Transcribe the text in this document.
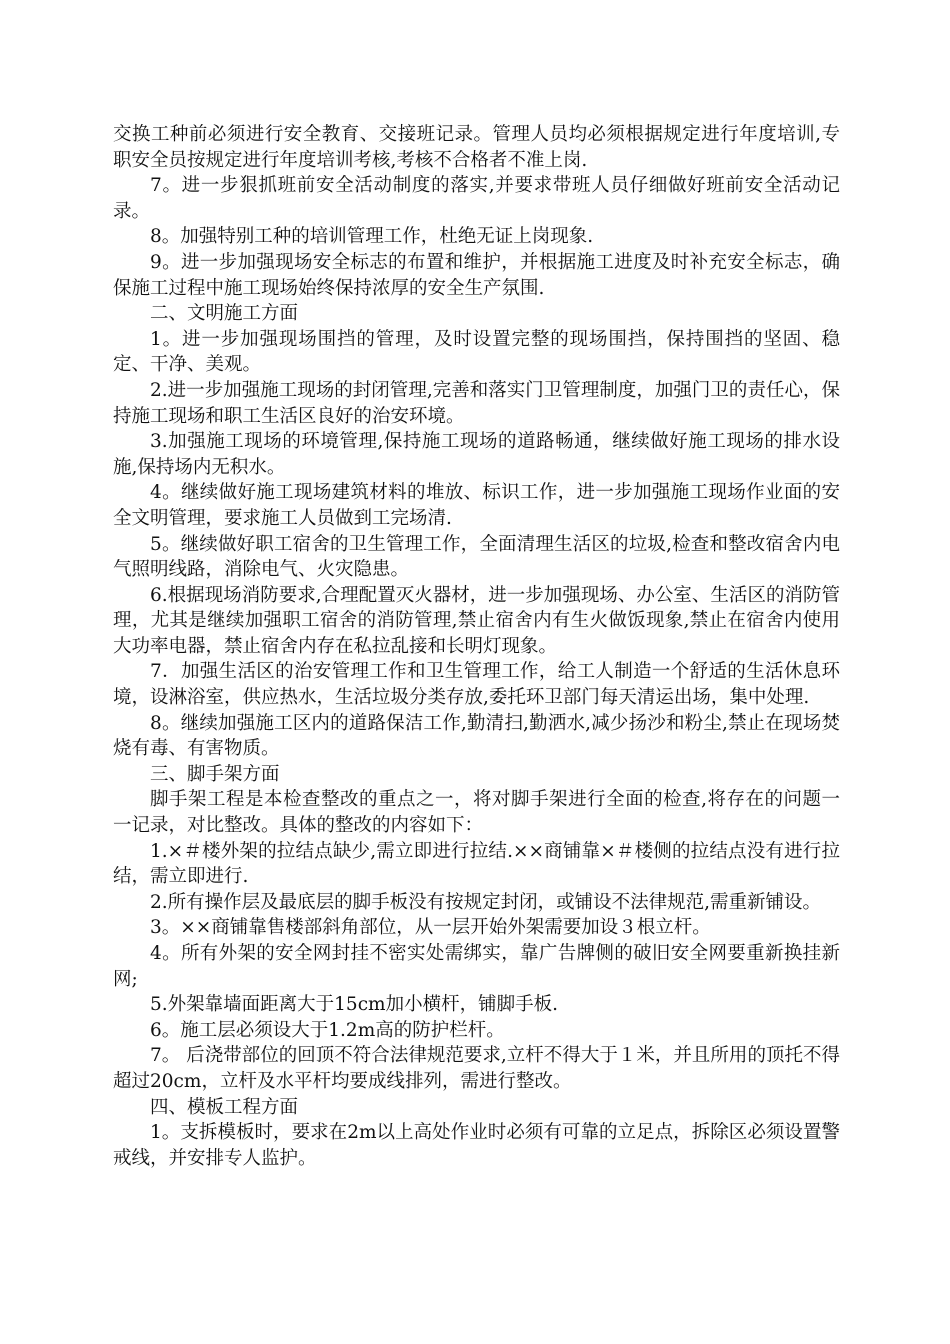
交换工种前必须进行安全教育、交接班记录。管理人员均必须根据规定进行年度培训,专职安全员按规定进行年度培训考核,考核不合格者不准上岗.

7。进一步狠抓班前安全活动制度的落实,并要求带班人员仔细做好班前安全活动记录。

8。加强特别工种的培训管理工作，杜绝无证上岗现象.

9。进一步加强现场安全标志的布置和维护，并根据施工进度及时补充安全标志，确保施工过程中施工现场始终保持浓厚的安全生产氛围.

二、文明施工方面

1。进一步加强现场围挡的管理，及时设置完整的现场围挡，保持围挡的坚固、稳定、干净、美观。

2.进一步加强施工现场的封闭管理,完善和落实门卫管理制度，加强门卫的责任心，保持施工现场和职工生活区良好的治安环境。

3.加强施工现场的环境管理,保持施工现场的道路畅通，继续做好施工现场的排水设施,保持场内无积水。

4。继续做好施工现场建筑材料的堆放、标识工作，进一步加强施工现场作业面的安全文明管理，要求施工人员做到工完场清.

5。继续做好职工宿舍的卫生管理工作，全面清理生活区的垃圾,检查和整改宿舍内电气照明线路，消除电气、火灾隐患。

6.根据现场消防要求,合理配置灭火器材，进一步加强现场、办公室、生活区的消防管理，尤其是继续加强职工宿舍的消防管理,禁止宿舍内有生火做饭现象,禁止在宿舍内使用大功率电器，禁止宿舍内存在私拉乱接和长明灯现象。

7．加强生活区的治安管理工作和卫生管理工作，给工人制造一个舒适的生活休息环境，设淋浴室，供应热水，生活垃圾分类存放,委托环卫部门每天清运出场，集中处理.

8。继续加强施工区内的道路保洁工作,勤清扫,勤洒水,减少扬沙和粉尘,禁止在现场焚烧有毒、有害物质。

三、脚手架方面

脚手架工程是本检查整改的重点之一，将对脚手架进行全面的检查,将存在的问题一一记录，对比整改。具体的整改的内容如下：

1.×＃楼外架的拉结点缺少,需立即进行拉结.××商铺靠×＃楼侧的拉结点没有进行拉结，需立即进行.

2.所有操作层及最底层的脚手板没有按规定封闭，或铺设不法律规范,需重新铺设。

3。××商铺靠售楼部斜角部位，从一层开始外架需要加设３根立杆。

4。所有外架的安全网封挂不密实处需绑实，靠广告牌侧的破旧安全网要重新换挂新网;

5.外架靠墙面距离大于15cm加小横杆，铺脚手板.

6。施工层必须设大于1.2m高的防护栏杆。

7。 后浇带部位的回顶不符合法律规范要求,立杆不得大于１米，并且所用的顶托不得超过20cm，立杆及水平杆均要成线排列，需进行整改。

四、模板工程方面

1。支拆模板时，要求在2m以上高处作业时必须有可靠的立足点，拆除区必须设置警戒线，并安排专人监护。
